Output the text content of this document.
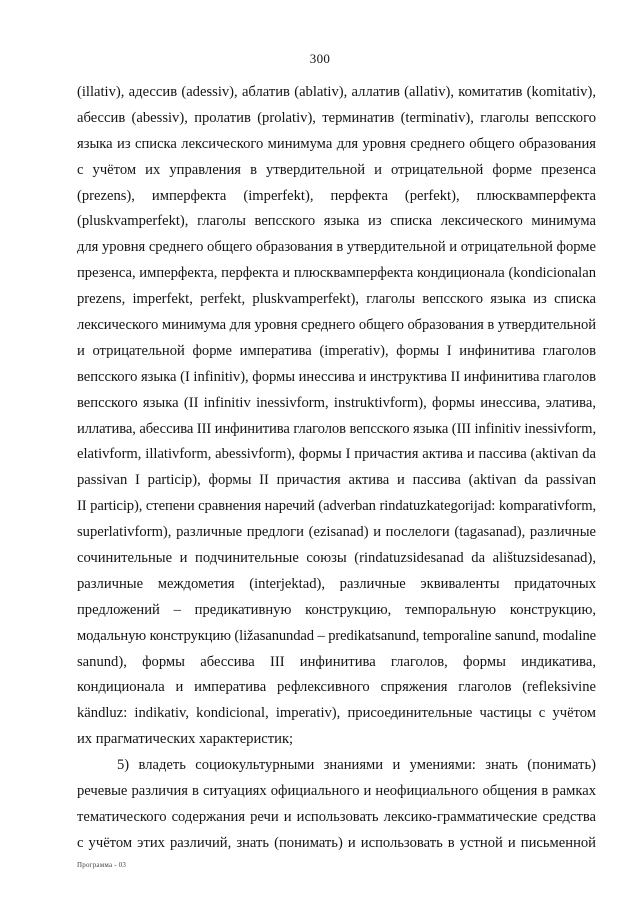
300
(illativ), адессив (adessiv), аблатив (ablativ), аллатив (allativ), комитатив (komitativ),
абессив (abessiv), пролатив (prolativ), терминатив (terminativ), глаголы вепсского
языка из списка лексического минимума для уровня среднего общего образования
с учётом их управления в утвердительной и отрицательной форме презенса
(prezens), имперфекта (imperfekt), перфекта (perfekt), плюсквамперфекта
(pluskvamperfekt), глаголы вепсского языка из списка лексического минимума
для уровня среднего общего образования в утвердительной и отрицательной форме
презенса, имперфекта, перфекта и плюсквамперфекта кондиционала (kondicionalan
prezens, imperfekt, perfekt, pluskvamperfekt), глаголы вепсского языка из списка
лексического минимума для уровня среднего общего образования в утвердительной
и отрицательной форме императива (imperativ), формы I инфинитива глаголов
вепсского языка (I infinitiv), формы инессива и инструктива II инфинитива глаголов
вепсского языка (II infinitiv inessivform, instruktivform), формы инессива, элатива,
иллатива, абессива III инфинитива глаголов вепсского языка (III infinitiv inessivform,
elativform, illativform, abessivform), формы I причастия актива и пассива (aktivan da
passivan I particip), формы II причастия актива и пассива (aktivan da passivan
II particip), степени сравнения наречий (adverban rindatuzkategorijad: komparativform,
superlativform), различные предлоги (ezisanad) и послелоги (tagasanad), различные
сочинительные и подчинительные союзы (rindatuzsidesanad da alištuzsidesanad),
различные междометия (interjektad), различные эквиваленты придаточных
предложений – предикативную конструкцию, темпоральную конструкцию,
модальную конструкцию (ližasanundad – predikatsanund, temporaline sanund, modaline
sanund), формы абессива III инфинитива глаголов, формы индикатива,
кондиционала и императива рефлексивного спряжения глаголов (refleksivine
kändluz: indikativ, kondicional, imperativ), присоединительные частицы с учётом
их прагматических характеристик;
5) владеть социокультурными знаниями и умениями: знать (понимать)
речевые различия в ситуациях официального и неофициального общения в рамках
тематического содержания речи и использовать лексико-грамматические средства
с учётом этих различий, знать (понимать) и использовать в устной и письменной
Программа - 03
